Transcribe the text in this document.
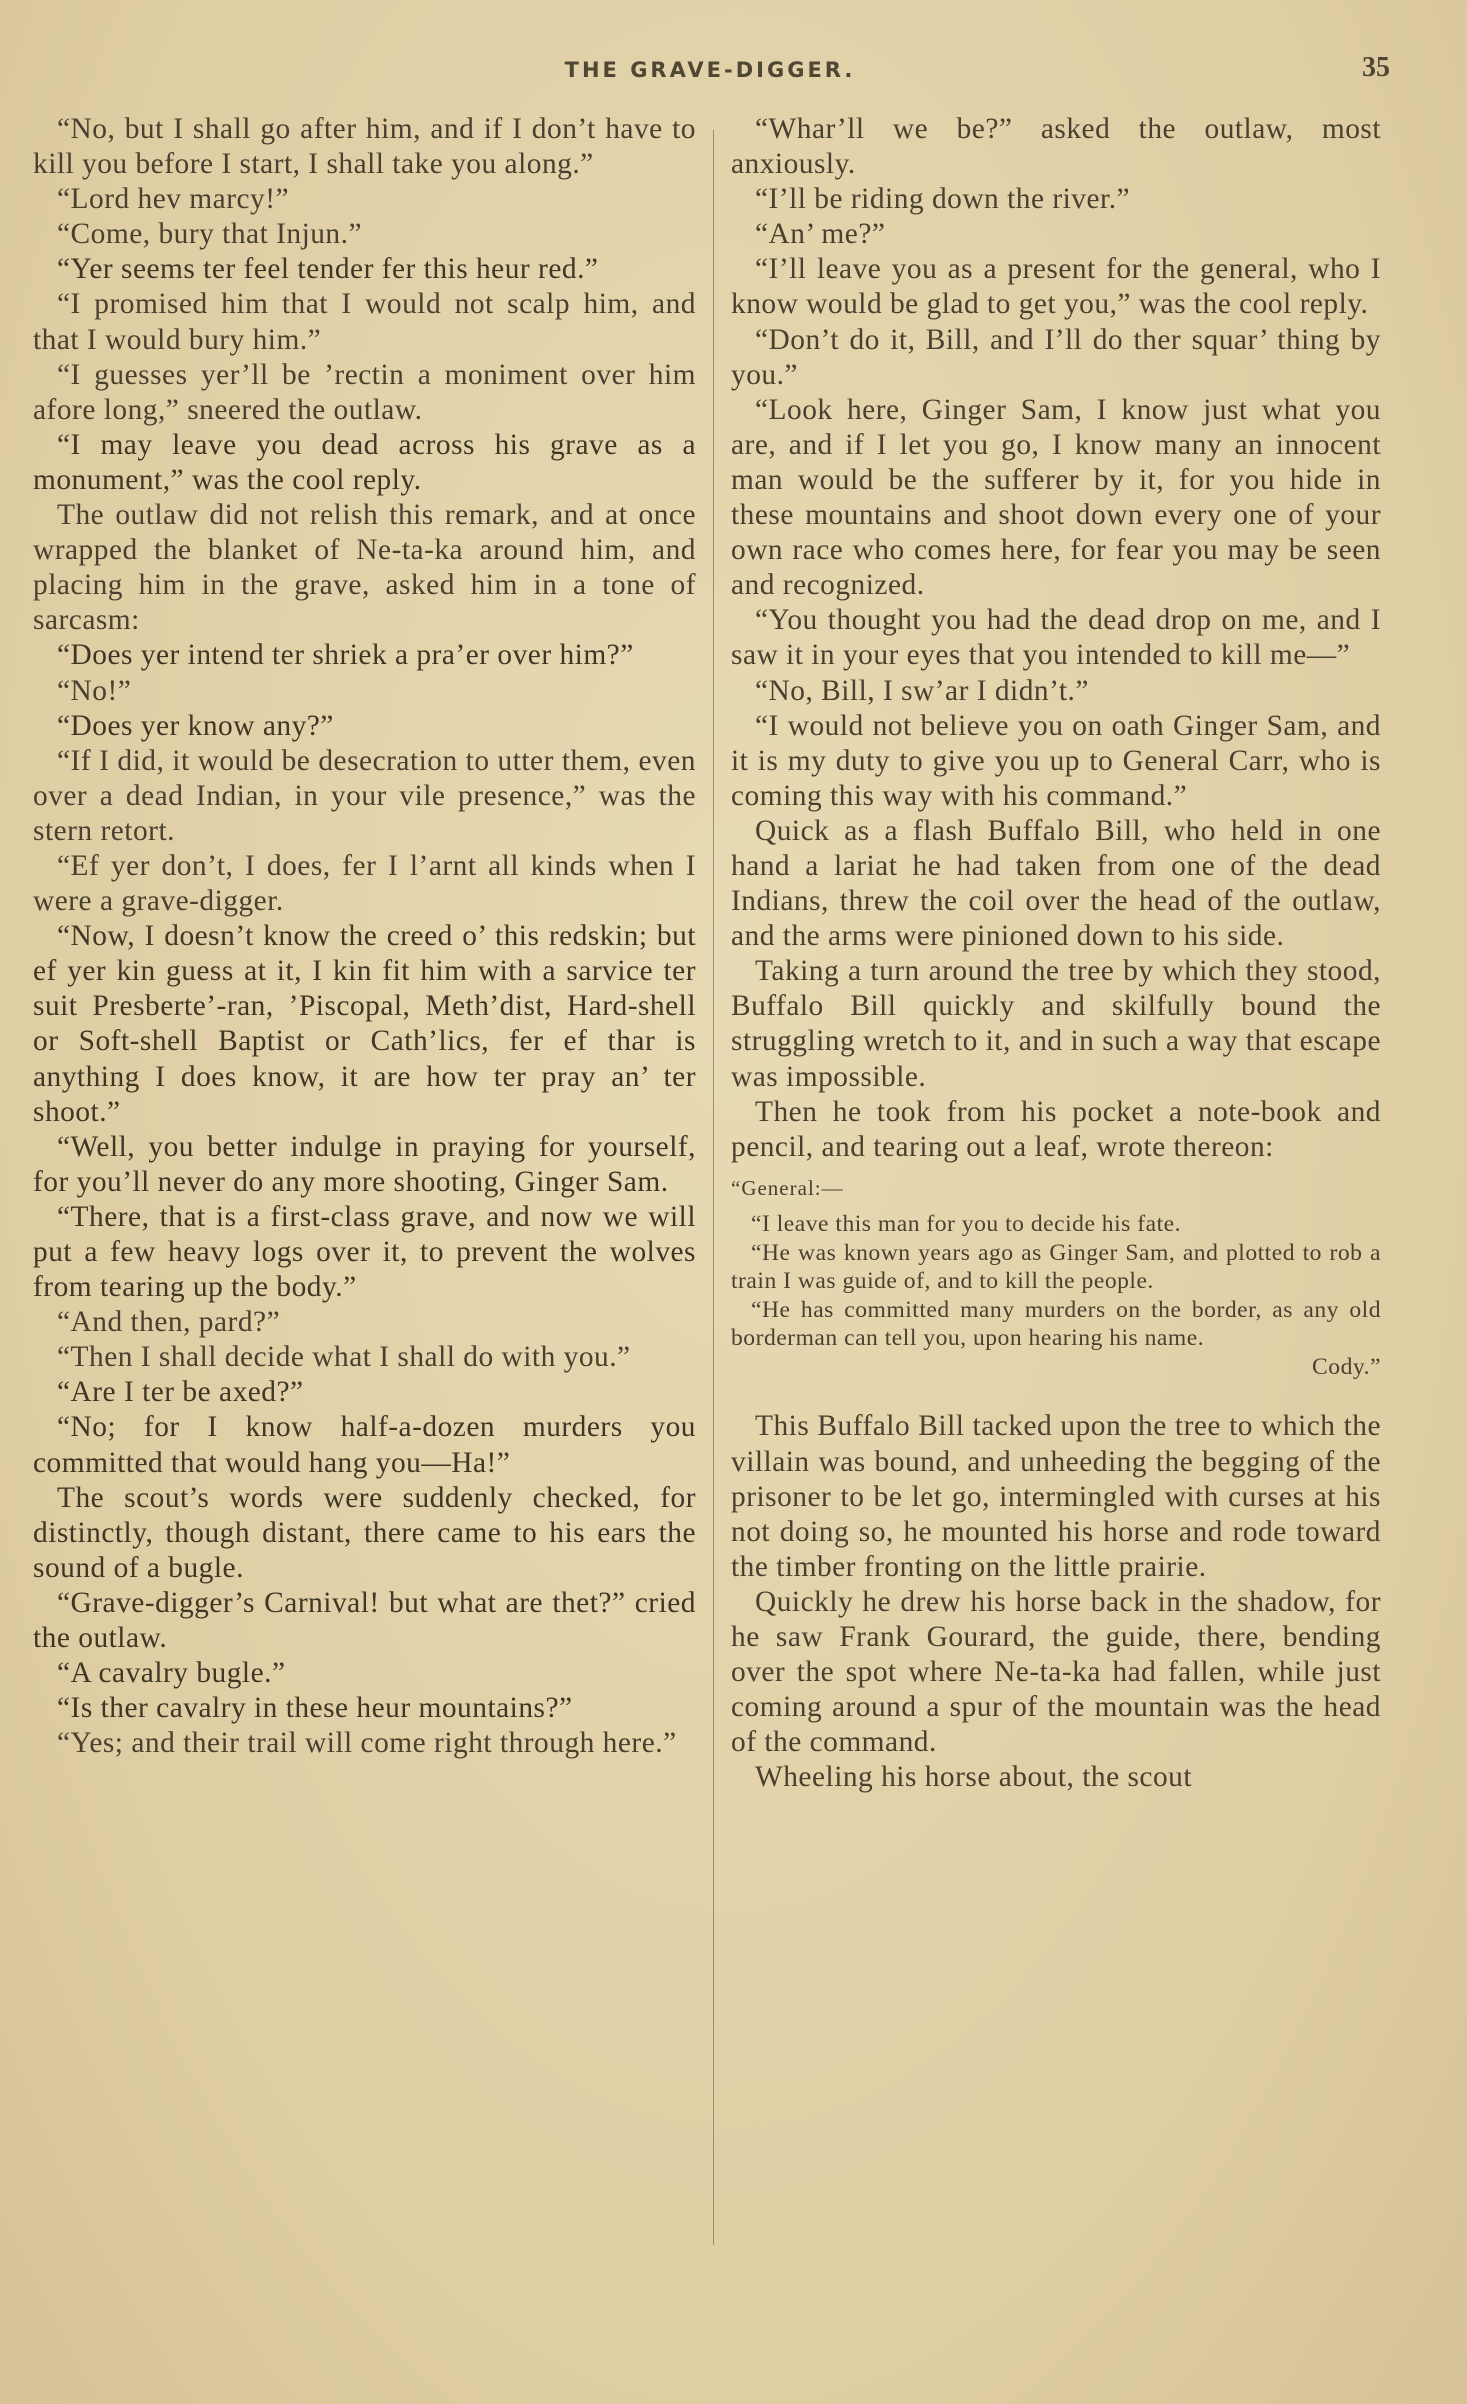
THE GRAVE-DIGGER.	35

“No, but I shall go after him, and if I don’t have to kill you before I start, I shall take you along.”

“Lord hev marcy!”

“Come, bury that Injun.”

“Yer seems ter feel tender fer this heur red.”

“I promised him that I would not scalp him, and that I would bury him.”

“I guesses yer’ll be ’rectin a moniment over him afore long,” sneered the outlaw.

“I may leave you dead across his grave as a monument,” was the cool reply.

The outlaw did not relish this remark, and at once wrapped the blanket of Ne-ta-ka around him, and placing him in the grave, asked him in a tone of sarcasm:

“Does yer intend ter shriek a pra’er over him?”

“No!”

“Does yer know any?”

“If I did, it would be desecration to utter them, even over a dead Indian, in your vile presence,” was the stern retort.

“Ef yer don’t, I does, fer I l’arnt all kinds when I were a grave-digger.

“Now, I doesn’t know the creed o’ this redskin; but ef yer kin guess at it, I kin fit him with a sarvice ter suit Presberte’-ran, ’Piscopal, Meth’dist, Hard-shell or Soft-shell Baptist or Cath’lics, fer ef thar is anything I does know, it are how ter pray an’ ter shoot.”

“Well, you better indulge in praying for yourself, for you’ll never do any more shooting, Ginger Sam.

“There, that is a first-class grave, and now we will put a few heavy logs over it, to prevent the wolves from tearing up the body.”

“And then, pard?”

“Then I shall decide what I shall do with you.”

“Are I ter be axed?”

“No; for I know half-a-dozen murders you committed that would hang you—Ha!”

The scout’s words were suddenly checked, for distinctly, though distant, there came to his ears the sound of a bugle.

“Grave-digger’s Carnival! but what are thet?” cried the outlaw.

“A cavalry bugle.”

“Is ther cavalry in these heur mountains?”

“Yes; and their trail will come right through here.”

“Whar’ll we be?” asked the outlaw, most anxiously.

“I’ll be riding down the river.”

“An’ me?”

“I’ll leave you as a present for the general, who I know would be glad to get you,” was the cool reply.

“Don’t do it, Bill, and I’ll do ther squar’ thing by you.”

“Look here, Ginger Sam, I know just what you are, and if I let you go, I know many an innocent man would be the sufferer by it, for you hide in these mountains and shoot down every one of your own race who comes here, for fear you may be seen and recognized.

“You thought you had the dead drop on me, and I saw it in your eyes that you intended to kill me—”

“No, Bill, I sw’ar I didn’t.”

“I would not believe you on oath Ginger Sam, and it is my duty to give you up to General Carr, who is coming this way with his command.”

Quick as a flash Buffalo Bill, who held in one hand a lariat he had taken from one of the dead Indians, threw the coil over the head of the outlaw, and the arms were pinioned down to his side.

Taking a turn around the tree by which they stood, Buffalo Bill quickly and skilfully bound the struggling wretch to it, and in such a way that escape was impossible.

Then he took from his pocket a note-book and pencil, and tearing out a leaf, wrote thereon:

“General:—

“I leave this man for you to decide his fate.

“He was known years ago as Ginger Sam, and plotted to rob a train I was guide of, and to kill the people.

“He has committed many murders on the border, as any old borderman can tell you, upon hearing his name.

Cody.”

This Buffalo Bill tacked upon the tree to which the villain was bound, and unheeding the begging of the prisoner to be let go, intermingled with curses at his not doing so, he mounted his horse and rode toward the timber fronting on the little prairie.

Quickly he drew his horse back in the shadow, for he saw Frank Gourard, the guide, there, bending over the spot where Ne-ta-ka had fallen, while just coming around a spur of the mountain was the head of the command.

Wheeling his horse about, the scout
